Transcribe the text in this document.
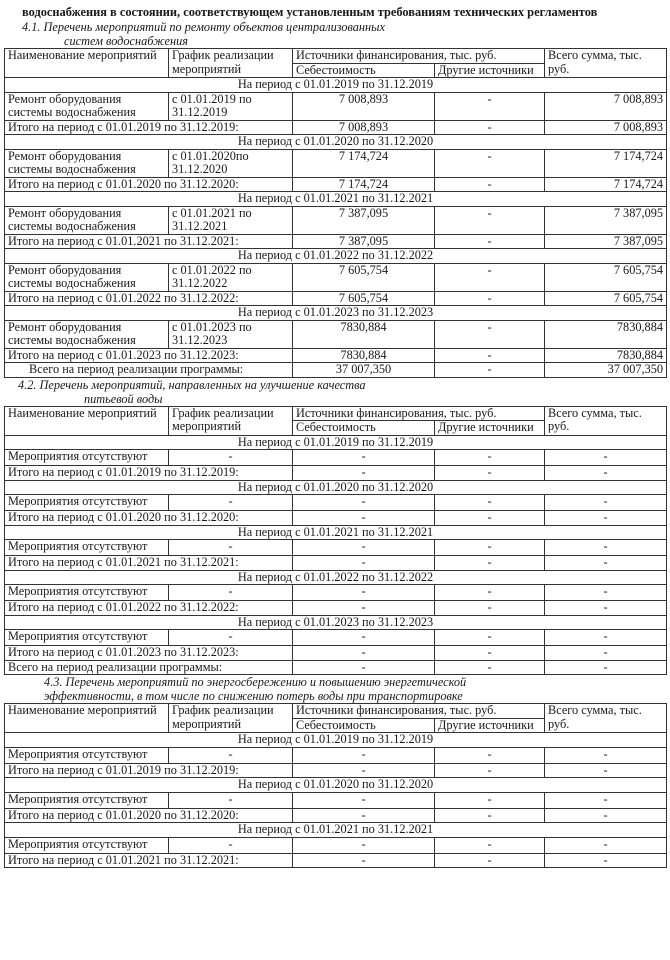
водоснабжения в состоянии, соответствующем установленным требованиям технических регламентов
4.1. Перечень мероприятий по ремонту объектов централизованных
систем водоснабжения
Наименование мероприятий	График реализации мероприятий	Источники финансирования, тыс. руб.		Всего сумма, тыс. руб.
		Себестоимость	Другие источники	
На период с 01.01.2019 по 31.12.2019				
Ремонт оборудования системы водоснабжения	с 01.01.2019 по 31.12.2019	7 008,893	-	7 008,893
Итого на период с 01.01.2019 по 31.12.2019:		7 008,893	-	7 008,893
На период с 01.01.2020 по 31.12.2020				
Ремонт оборудования системы водоснабжения	с 01.01.2020по 31.12.2020	7 174,724	-	7 174,724
Итого на период с 01.01.2020 по 31.12.2020:		7 174,724	-	7 174,724
На период с 01.01.2021 по 31.12.2021				
Ремонт оборудования системы водоснабжения	с 01.01.2021 по 31.12.2021	7 387,095	-	7 387,095
Итого на период с 01.01.2021 по 31.12.2021:		7 387,095	-	7 387,095
На период с 01.01.2022 по 31.12.2022				
Ремонт оборудования системы водоснабжения	с 01.01.2022 по 31.12.2022	7 605,754	-	7 605,754
Итого на период с 01.01.2022 по 31.12.2022:		7 605,754	-	7 605,754
На период с 01.01.2023 по 31.12.2023				
Ремонт оборудования системы водоснабжения	с 01.01.2023 по 31.12.2023	7830,884	-	7830,884
Итого на период с 01.01.2023 по 31.12.2023:		7830,884	-	7830,884
Всего на период реализации программы:		37 007,350	-	37 007,350
4.2. Перечень мероприятий, направленных на улучшение качества
питьевой воды
Наименование мероприятий	График реализации мероприятий	Источники финансирования, тыс. руб.		Всего сумма, тыс. руб.
		Себестоимость	Другие источники	
На период с 01.01.2019 по 31.12.2019				
Мероприятия отсутствуют	-	-	-	-
Итого на период с 01.01.2019 по 31.12.2019:		-	-	-
На период с 01.01.2020 по 31.12.2020				
Мероприятия отсутствуют	-	-	-	-
Итого на период с 01.01.2020 по 31.12.2020:		-	-	-
На период с 01.01.2021 по 31.12.2021				
Мероприятия отсутствуют	-	-	-	-
Итого на период с 01.01.2021 по 31.12.2021:		-	-	-
На период с 01.01.2022 по 31.12.2022				
Мероприятия отсутствуют	-	-	-	-
Итого на период с 01.01.2022 по 31.12.2022:		-	-	-
На период с 01.01.2023 по 31.12.2023				
Мероприятия отсутствуют	-	-	-	-
Итого на период с 01.01.2023 по 31.12.2023:		-	-	-
Всего на период реализации программы:		-	-	-
4.3. Перечень мероприятий по энергосбережению и повышению энергетической
эффективности, в том числе по снижению потерь воды при транспортировке
Наименование мероприятий	График реализации мероприятий	Источники финансирования, тыс. руб.		Всего сумма, тыс. руб.
		Себестоимость	Другие источники	
На период с 01.01.2019 по 31.12.2019				
Мероприятия отсутствуют	-	-	-	-
Итого на период с 01.01.2019 по 31.12.2019:		-	-	-
На период с 01.01.2020 по 31.12.2020				
Мероприятия отсутствуют	-	-	-	-
Итого на период с 01.01.2020 по 31.12.2020:		-	-	-
На период с 01.01.2021 по 31.12.2021				
Мероприятия отсутствуют	-	-	-	-
Итого на период с 01.01.2021 по 31.12.2021:		-	-	-
